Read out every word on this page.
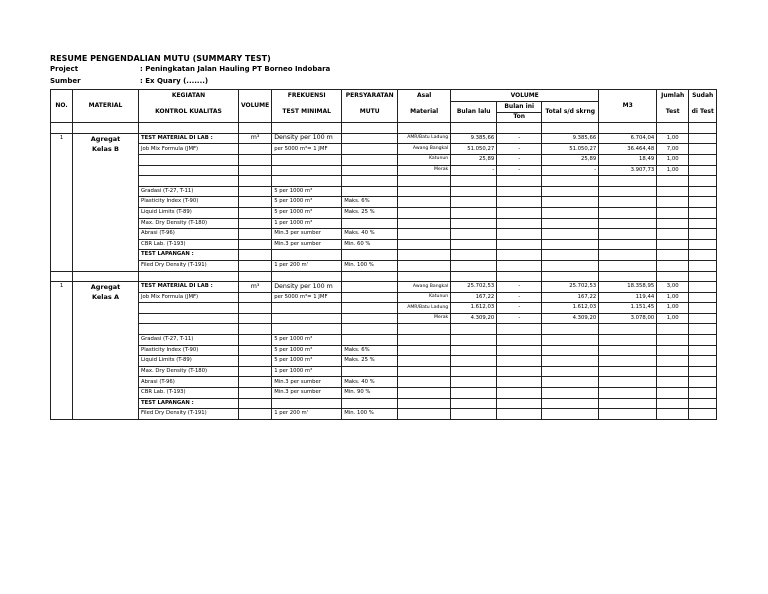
RESUME PENGENDALIAN MUTU (SUMMARY TEST)
Project	: Peningkatan Jalan Hauling PT Borneo Indobara
Sumber	: Ex Quary (.......)
NO.	MATERIAL	KEGIATAN	VOLUME	FREKUENSI	PERSYARATAN	Asal	VOLUME			M3	Jumlah	Sudah
		KONTROL KUALITAS		TEST MINIMAL	MUTU	Material	Bulan lalu	Bulan ini	Total s/d skrng		Test	di Test
								Ton				

1	Agregat	TEST MATERIAL DI LAB :	m³	Density per 100 m		AMR/Batu Ladung	9.385,66	-	9.385,66	6.704,04	1,00	
	Kelas B	Job Mix Formula (JMF)		per 5000 m³= 1 JMF		Awang Bangkal	51.050,27	-	51.050,27	36.464,48	7,00	
						Katunun	25,89	-	25,89	18,49	1,00	
						Merak	-	-	-	3.907,73	1,00	

		Gradasi (T-27, T-11)		5 per 1000 m³								
		Plasticity Index (T-90)		5 per 1000 m³	Maks. 6%							
		Liquid Limits (T-89)		5 per 1000 m³	Maks. 25 %							
		Max. Dry Density (T-180)		1 per 1000 m³								
		Abrasi (T-96)		Min.3 per sumber	Maks. 40 %							
		CBR Lab. (T-193)		Min.3 per sumber	Min. 60 %							
		TEST LAPANGAN :										
		Filed Dry Density (T-191)		1 per 200 m'	Min. 100 %							

1	Agregat	TEST MATERIAL DI LAB :	m³	Density per 100 m		Awang Bangkal	25.702,53	-	25.702,53	18.358,95	3,00	
	Kelas A	Job Mix Formula (JMF)		per 5000 m³= 1 JMF		Katunun	167,22	-	167,22	119,44	1,00	
						AMR/Batu Ladung	1.612,03	-	1.612,03	1.151,45	1,00	
						Merak	4.309,20	-	4.309,20	3.078,00	1,00	

		Gradasi (T-27, T-11)		5 per 1000 m³								
		Plasticity Index (T-90)		5 per 1000 m³	Maks. 6%							
		Liquid Limits (T-89)		5 per 1000 m³	Maks. 25 %							
		Max. Dry Density (T-180)		1 per 1000 m³								
		Abrasi (T-96)		Min.3 per sumber	Maks. 40 %							
		CBR Lab. (T-193)		Min.3 per sumber	Min. 90 %							
		TEST LAPANGAN :										
		Filed Dry Density (T-191)		1 per 200 m'	Min. 100 %							
